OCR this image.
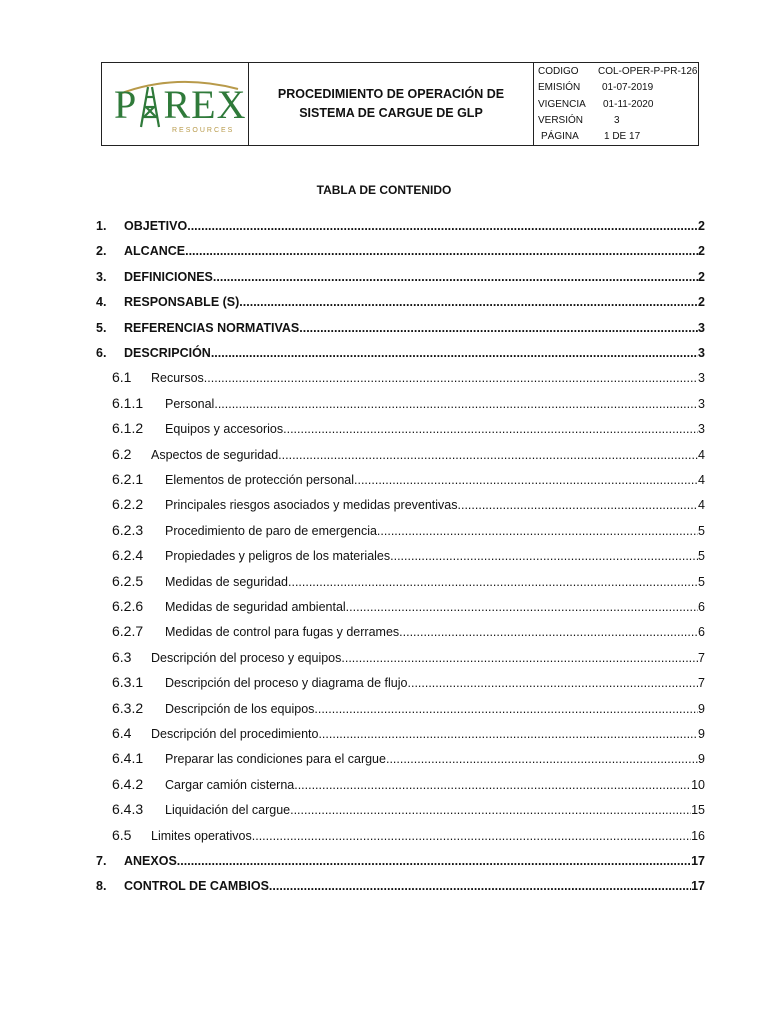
P REX
RESOURCES
PROCEDIMIENTO DE OPERACIÓN DE
SISTEMA DE CARGUE DE GLP
CODIGO	COL-OPER-P-PR-126
EMISIÓN	01-07-2019
VIGENCIA	01-11-2020
VERSIÓN	3
PÁGINA	1 DE 17
TABLA DE CONTENIDO
1. OBJETIVO. .....	2
2. ALCANCE .....	2
3. DEFINICIONES .....	2
4. RESPONSABLE (S) .....	2
5. REFERENCIAS NORMATIVAS .....	3
6. DESCRIPCIÓN .....	3
6.1 Recursos .....	3
6.1.1 Personal .....	3
6.1.2 Equipos y accesorios .....	3
6.2 Aspectos de seguridad .....	4
6.2.1 Elementos de protección personal .....	4
6.2.2 Principales riesgos asociados y medidas preventivas. .....	4
6.2.3 Procedimiento de paro de emergencia. .....	5
6.2.4 Propiedades y peligros de los materiales. .....	5
6.2.5 Medidas de seguridad .....	5
6.2.6 Medidas de seguridad ambiental .....	6
6.2.7 Medidas de control para fugas y derrames. .....	6
6.3 Descripción del proceso y equipos .....	7
6.3.1 Descripción del proceso y diagrama de flujo .....	7
6.3.2 Descripción de los equipos .....	9
6.4 Descripción del procedimiento .....	9
6.4.1 Preparar las condiciones para el cargue .....	9
6.4.2 Cargar camión cisterna .....	10
6.4.3 Liquidación del cargue .....	15
6.5 Limites operativos .....	16
7. ANEXOS .....	17
8. CONTROL DE CAMBIOS .....	17
